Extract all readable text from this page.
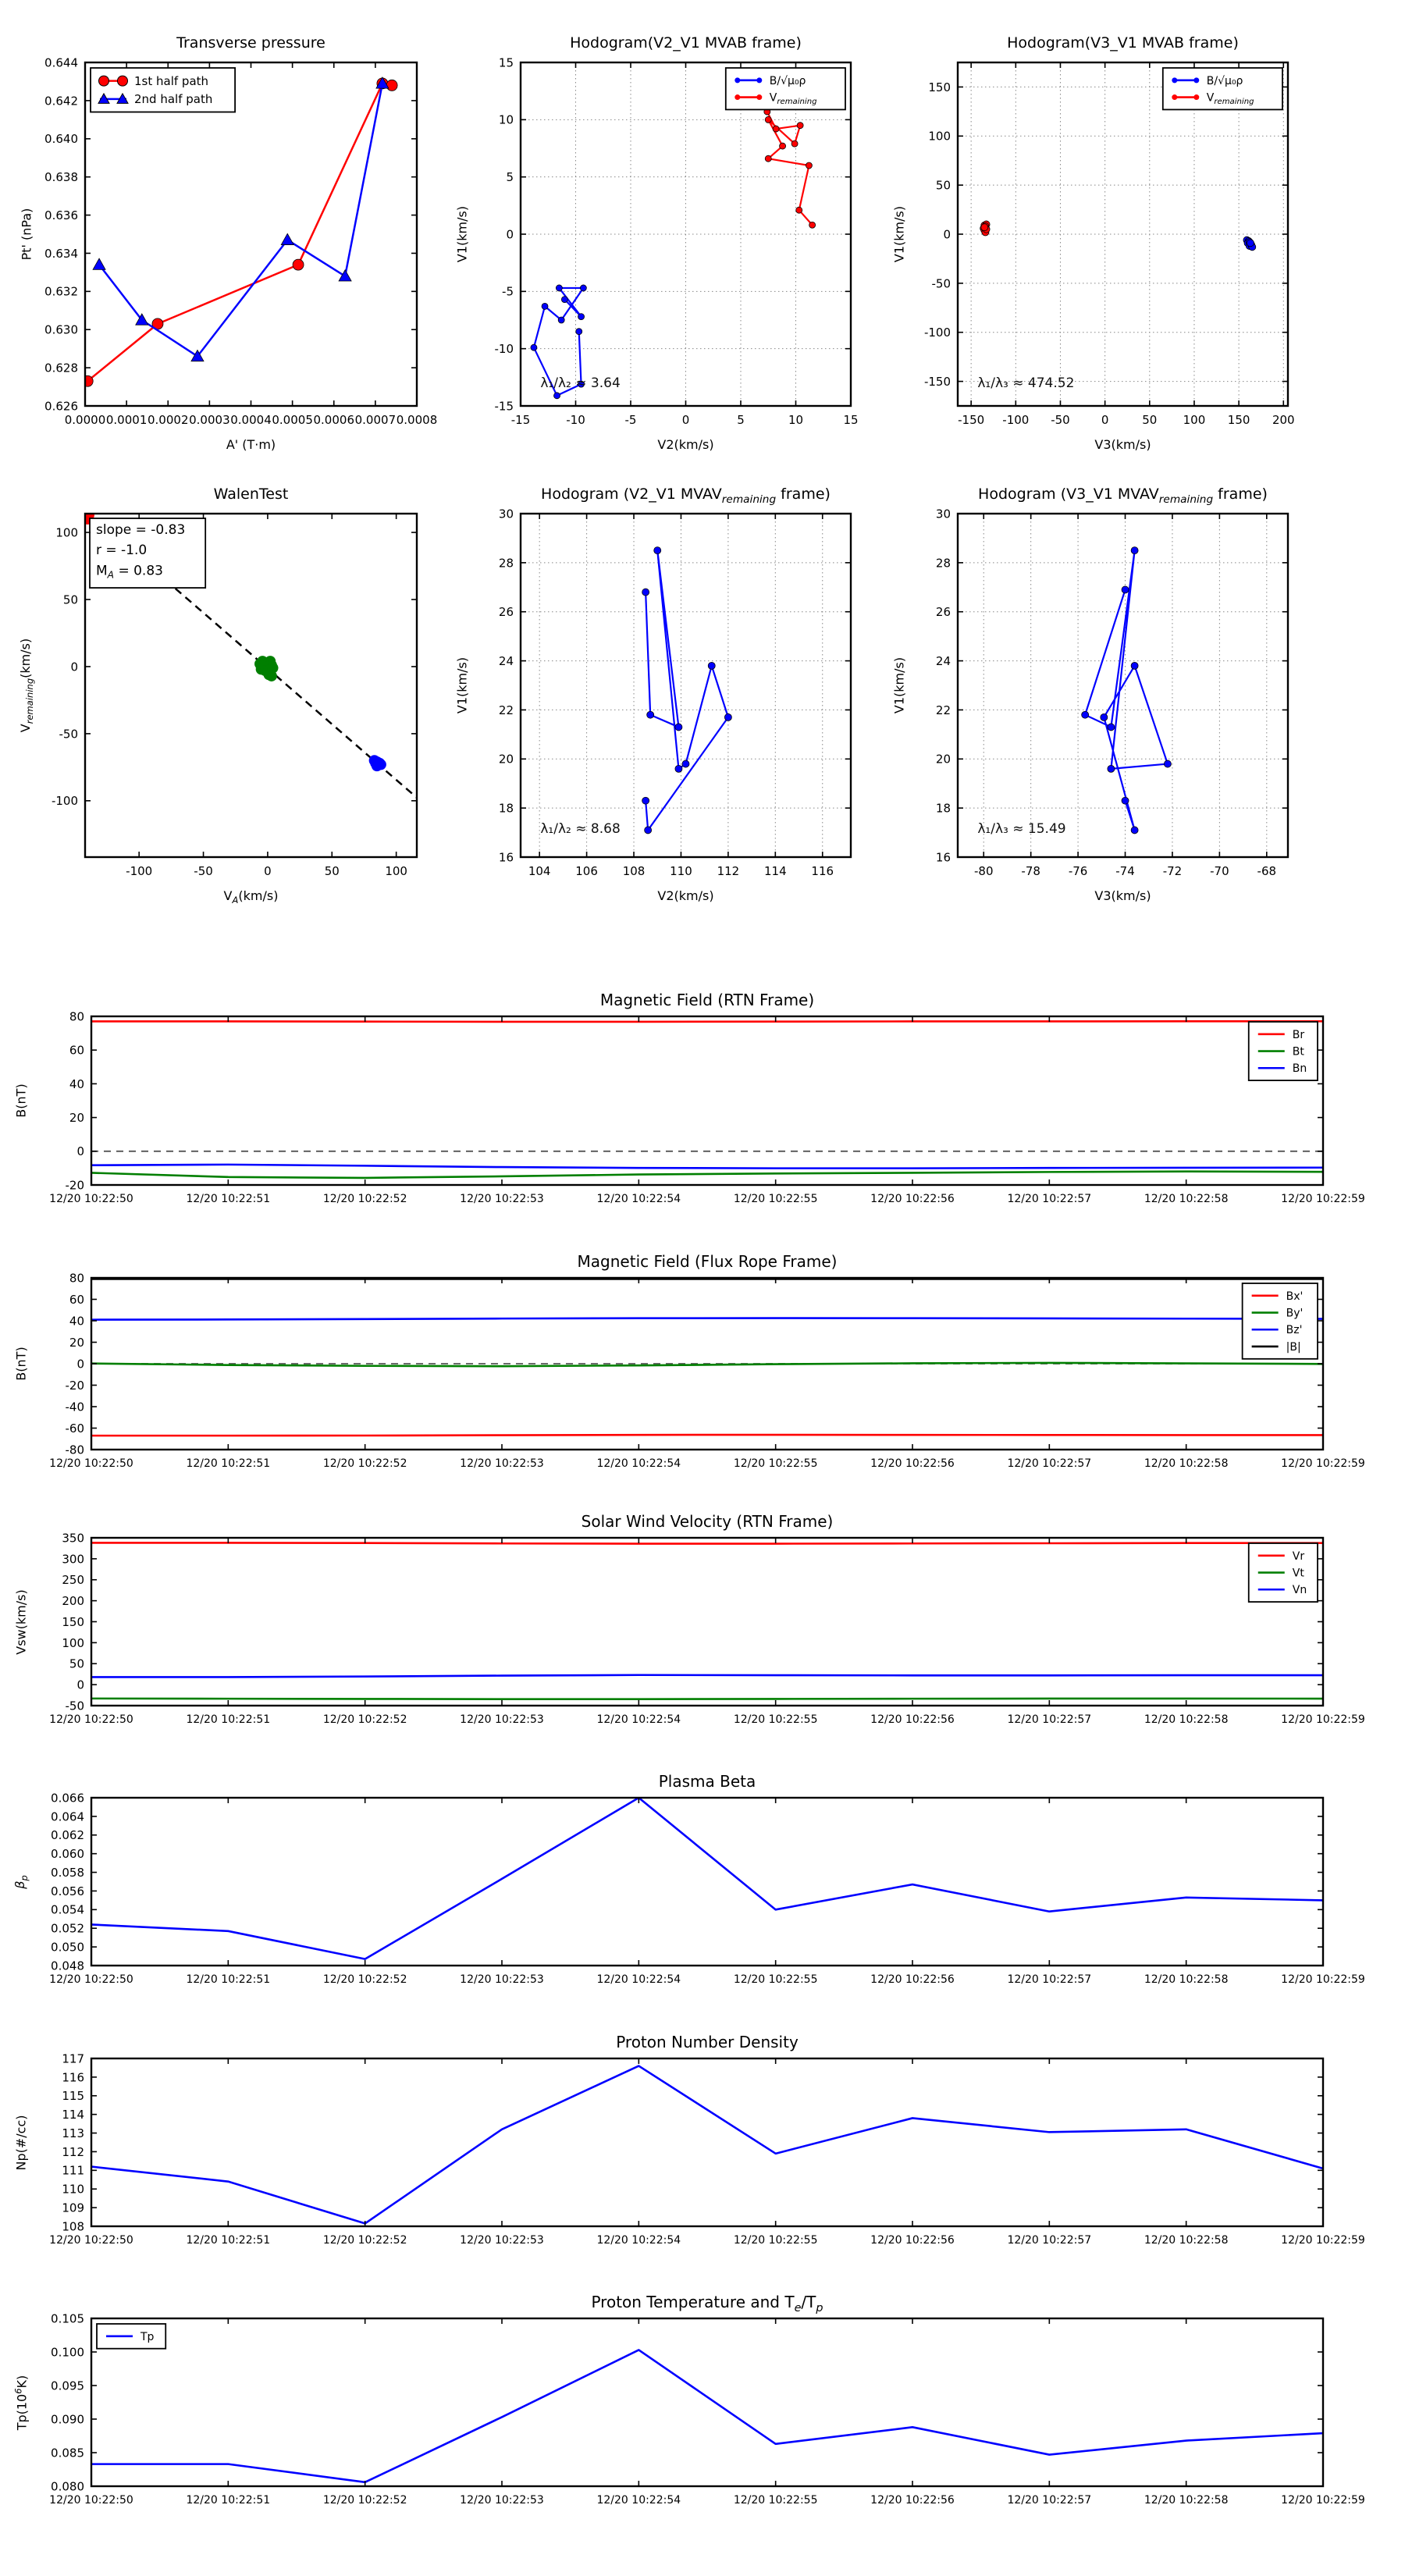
Transverse pressure
Pt' (nPa)
A' (T·m)
1st half path
2nd half path
0.0000 0.0001 0.0002 0.0003 0.0004 0.0005 0.0006 0.0007 0.0008
0.626
0.628
0.630
0.632
0.634
0.636
0.638
0.640
0.642
0.644
Hodogram(V2_V1 MVAB frame)
V1(km/s)
V2(km/s)
λ₁/λ₂ ≈ 3.64
B/√μ₀ρ
$V_{remaining}$
-15	-10	-5	0	5	10	15
-15
-10
-5
0
5
10
15
Hodogram(V3_V1 MVAB frame)
V1(km/s)
V3(km/s)
λ₁/λ₃ ≈ 474.52
B/√μ₀ρ
$V_{remaining}$
-150 -100 -50	0	50 100 150 200
-150
-100
-50
0
50
100
150
WalenTest
$V_{remaining}(km/s)$
$V_A(km/s)$
slope = -0.83
r = -1.0
$M_A = 0.83$
-100	-50	0	50	100
-100
-50
0
50
100
Hodogram (V2_V1 $MVAV_{remaining}$ frame)
V1(km/s)
V2(km/s)
λ₁/λ₂ ≈ 8.68
104 106 108 110 112 114 116
16
18
20
22
24
26
28
30
Hodogram (V3_V1 $MVAV_{remaining}$ frame)
V1(km/s)
V3(km/s)
λ₁/λ₃ ≈ 15.49
-80 -78 -76 -74 -72 -70 -68
16
18
20
22
24
26
28
30
Magnetic Field (RTN Frame)
B(nT)
Br
Bt
Bn
12/20 10:22:50	12/20 10:22:51	12/20 10:22:52	12/20 10:22:53	12/20 10:22:54	12/20 10:22:55	12/20 10:22:56	12/20 10:22:57	12/20 10:22:58	12/20 10:22:59
-20
0
20
40
60
80
Magnetic Field (Flux Rope Frame)
B(nT)
Bx'
By'
Bz'
|B|
12/20 10:22:50	12/20 10:22:51	12/20 10:22:52	12/20 10:22:53	12/20 10:22:54	12/20 10:22:55	12/20 10:22:56	12/20 10:22:57	12/20 10:22:58	12/20 10:22:59
-80
-60
-40
-20
0
20
40
60
80
Solar Wind Velocity (RTN Frame)
Vsw(km/s)
Vr
Vt
Vn
12/20 10:22:50	12/20 10:22:51	12/20 10:22:52	12/20 10:22:53	12/20 10:22:54	12/20 10:22:55	12/20 10:22:56	12/20 10:22:57	12/20 10:22:58	12/20 10:22:59
-50
0
50
100
150
200
250
300
350
Plasma Beta
$\beta_p$
12/20 10:22:50	12/20 10:22:51	12/20 10:22:52	12/20 10:22:53	12/20 10:22:54	12/20 10:22:55	12/20 10:22:56	12/20 10:22:57	12/20 10:22:58	12/20 10:22:59
0.048
0.050
0.052
0.054
0.056
0.058
0.060
0.062
0.064
0.066
Proton Number Density
Np(#/cc)
12/20 10:22:50	12/20 10:22:51	12/20 10:22:52	12/20 10:22:53	12/20 10:22:54	12/20 10:22:55	12/20 10:22:56	12/20 10:22:57	12/20 10:22:58	12/20 10:22:59
108
109
110
111
112
113
114
115
116
117
Proton Temperature and $T_e/T_p$
$Tp(10^6K)$
Tp
12/20 10:22:50	12/20 10:22:51	12/20 10:22:52	12/20 10:22:53	12/20 10:22:54	12/20 10:22:55	12/20 10:22:56	12/20 10:22:57	12/20 10:22:58	12/20 10:22:59
0.080
0.085
0.090
0.095
0.100
0.105
